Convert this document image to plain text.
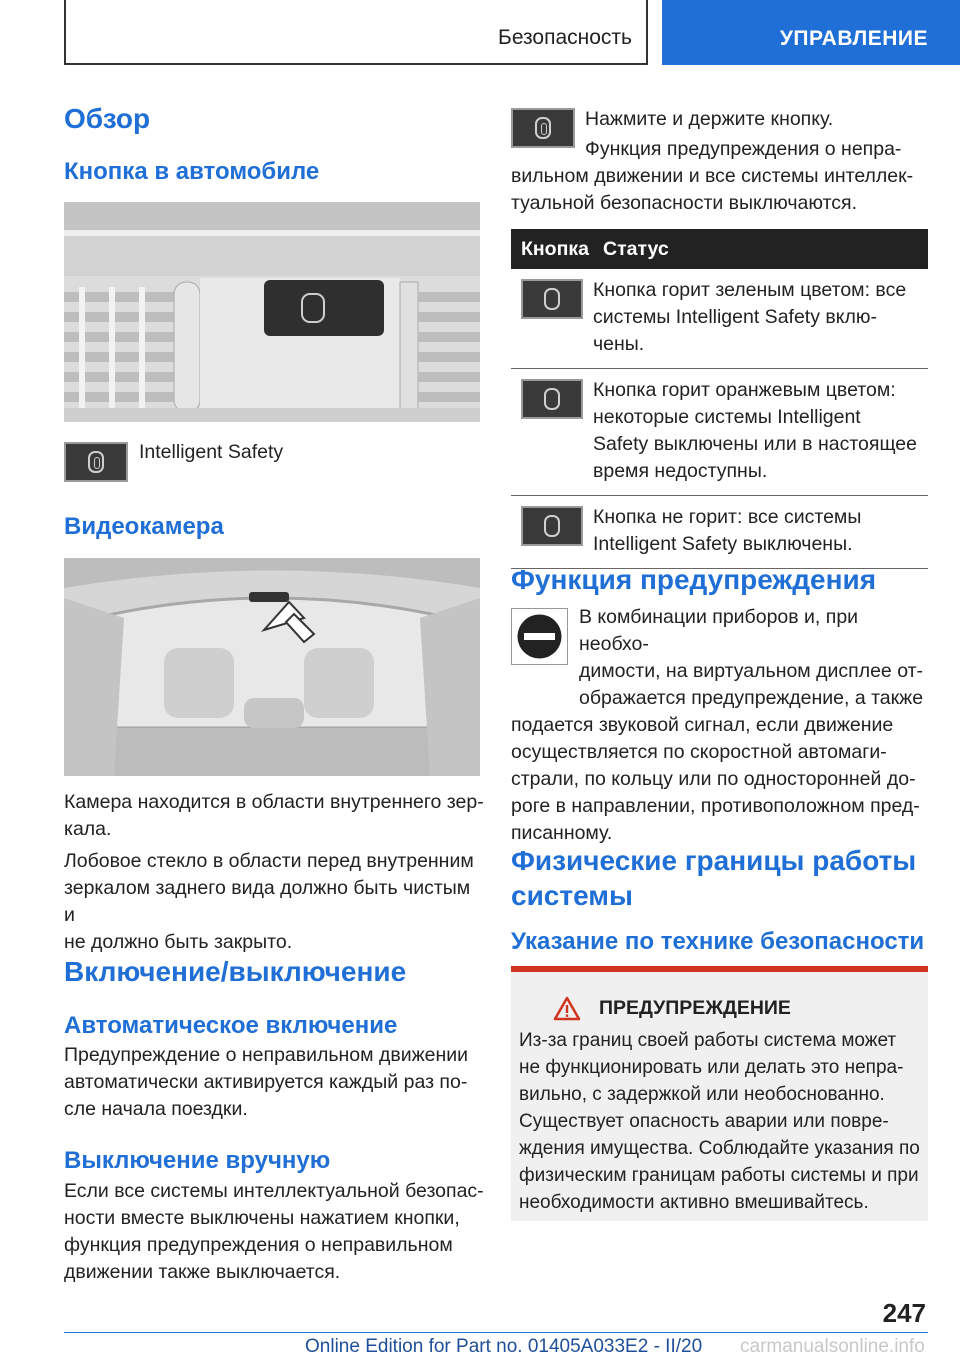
Безопасность	УПРАВЛЕНИЕ
Обзор
Кнопка в автомобиле
Intelligent Safety
Видеокамера
Камера находится в области внутреннего зер-
кала.
Лобовое стекло в области перед внутренним
зеркалом заднего вида должно быть чистым и
не должно быть закрыто.
Включение/выключение
Автоматическое включение
Предупреждение о неправильном движении
автоматически активируется каждый раз по-
сле начала поездки.
Выключение вручную
Если все системы интеллектуальной безопас-
ности вместе выключены нажатием кнопки,
функция предупреждения о неправильном
движении также выключается.
Нажмите и держите кнопку.
Функция предупреждения о непра-
вильном движении и все системы интеллек-
туальной безопасности выключаются.
Кнопка	Статус

	Кнопка горит зеленым цветом: все
системы Intelligent Safety вклю-
чены.

	Кнопка горит оранжевым цветом:
некоторые системы Intelligent
Safety выключены или в настоящее
время недоступны.

	Кнопка не горит: все системы
Intelligent Safety выключены.
Функция предупреждения
В комбинации приборов и, при необхо-
димости, на виртуальном дисплее от-
ображается предупреждение, а также
подается звуковой сигнал, если движение
осуществляется по скоростной автомаги-
страли, по кольцу или по односторонней до-
роге в направлении, противоположном пред-
писанному.
Физические границы работы
системы
Указание по технике безопасности
ПРЕДУПРЕЖДЕНИЕ
Из-за границ своей работы система может
не функционировать или делать это непра-
вильно, с задержкой или необоснованно.
Существует опасность аварии или повре-
ждения имущества. Соблюдайте указания по
физическим границам работы системы и при
необходимости активно вмешивайтесь.
247
Online Edition for Part no. 01405A033E2 - II/20 carmanualsonline.info
